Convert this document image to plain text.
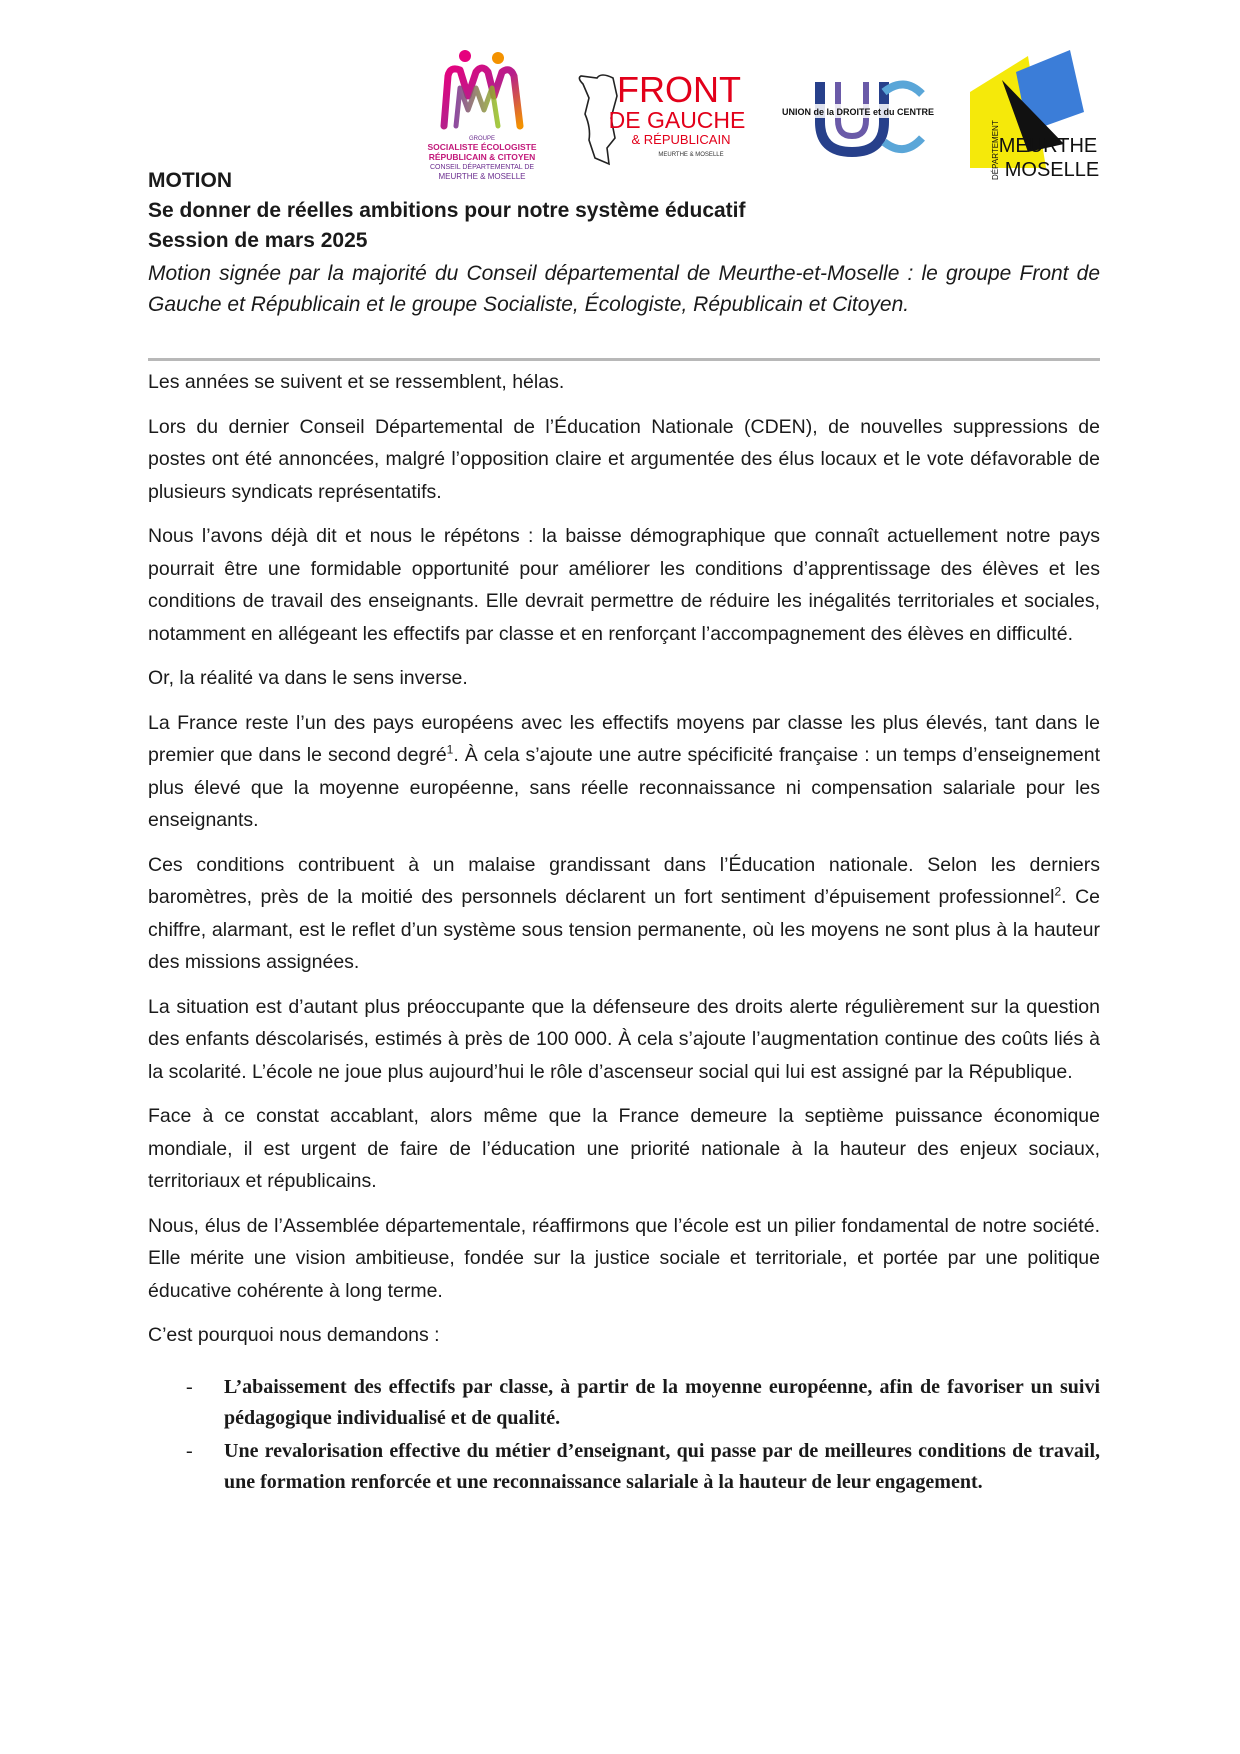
GROUPE
SOCIALISTE ÉCOLOGISTE
RÉPUBLICAIN & CITOYEN
CONSEIL DÉPARTEMENTAL DE
MEURTHE & MOSELLE
FRONT
DE GAUCHE
& RÉPUBLICAIN
MEURTHE & MOSELLE
UNION de la DROITE et du CENTRE
DÉPARTEMENT
MEURTHE
MOSELLE
MOTION
Se donner de réelles ambitions pour notre système éducatif
Session de mars 2025
Motion signée par la majorité du Conseil départemental de Meurthe-et-Moselle : le groupe Front de Gauche et Républicain et le groupe Socialiste, Écologiste, Républicain et Citoyen.

Les années se suivent et se ressemblent, hélas.

Lors du dernier Conseil Départemental de l’Éducation Nationale (CDEN), de nouvelles suppressions de postes ont été annoncées, malgré l’opposition claire et argumentée des élus locaux et le vote défavorable de plusieurs syndicats représentatifs.

Nous l’avons déjà dit et nous le répétons : la baisse démographique que connaît actuellement notre pays pourrait être une formidable opportunité pour améliorer les conditions d’apprentissage des élèves et les conditions de travail des enseignants. Elle devrait permettre de réduire les inégalités territoriales et sociales, notamment en allégeant les effectifs par classe et en renforçant l’accompagnement des élèves en difficulté.

Or, la réalité va dans le sens inverse.

La France reste l’un des pays européens avec les effectifs moyens par classe les plus élevés, tant dans le premier que dans le second degré$^1$. À cela s’ajoute une autre spécificité française : un temps d’enseignement plus élevé que la moyenne européenne, sans réelle reconnaissance ni compensation salariale pour les enseignants.

Ces conditions contribuent à un malaise grandissant dans l’Éducation nationale. Selon les derniers baromètres, près de la moitié des personnels déclarent un fort sentiment d’épuisement professionnel$^2$. Ce chiffre, alarmant, est le reflet d’un système sous tension permanente, où les moyens ne sont plus à la hauteur des missions assignées.

La situation est d’autant plus préoccupante que la défenseure des droits alerte régulièrement sur la question des enfants déscolarisés, estimés à près de 100 000. À cela s’ajoute l’augmentation continue des coûts liés à la scolarité. L’école ne joue plus aujourd’hui le rôle d’ascenseur social qui lui est assigné par la République.

Face à ce constat accablant, alors même que la France demeure la septième puissance économique mondiale, il est urgent de faire de l’éducation une priorité nationale à la hauteur des enjeux sociaux, territoriaux et républicains.

Nous, élus de l’Assemblée départementale, réaffirmons que l’école est un pilier fondamental de notre société. Elle mérite une vision ambitieuse, fondée sur la justice sociale et territoriale, et portée par une politique éducative cohérente à long terme.

C’est pourquoi nous demandons :

- L’abaissement des effectifs par classe, à partir de la moyenne européenne, afin de favoriser un suivi pédagogique individualisé et de qualité.
- Une revalorisation effective du métier d’enseignant, qui passe par de meilleures conditions de travail, une formation renforcée et une reconnaissance salariale à la hauteur de leur engagement.
